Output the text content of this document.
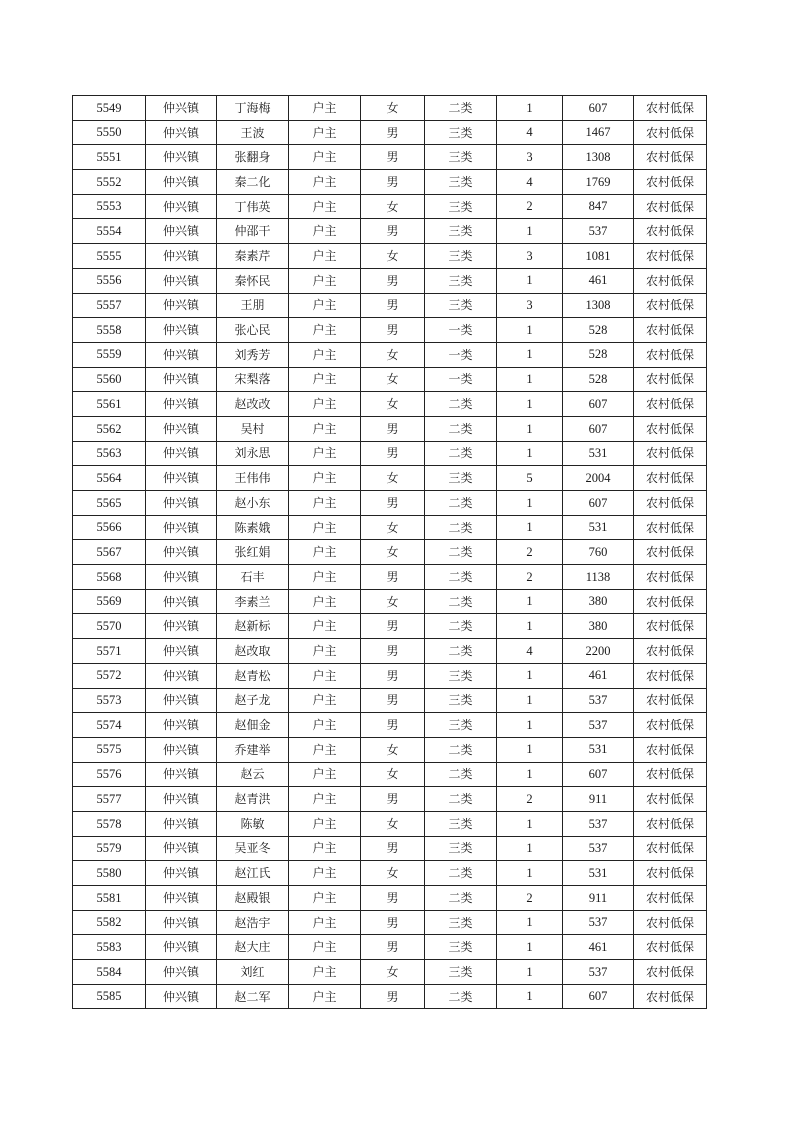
5549	仲兴镇	丁海梅	户主	女	二类	1	607	农村低保
5550	仲兴镇	王波	户主	男	三类	4	1467	农村低保
5551	仲兴镇	张翻身	户主	男	三类	3	1308	农村低保
5552	仲兴镇	秦二化	户主	男	三类	4	1769	农村低保
5553	仲兴镇	丁伟英	户主	女	三类	2	847	农村低保
5554	仲兴镇	仲邵干	户主	男	三类	1	537	农村低保
5555	仲兴镇	秦素芹	户主	女	三类	3	1081	农村低保
5556	仲兴镇	秦怀民	户主	男	三类	1	461	农村低保
5557	仲兴镇	王朋	户主	男	三类	3	1308	农村低保
5558	仲兴镇	张心民	户主	男	一类	1	528	农村低保
5559	仲兴镇	刘秀芳	户主	女	一类	1	528	农村低保
5560	仲兴镇	宋梨落	户主	女	一类	1	528	农村低保
5561	仲兴镇	赵改改	户主	女	二类	1	607	农村低保
5562	仲兴镇	吴村	户主	男	二类	1	607	农村低保
5563	仲兴镇	刘永思	户主	男	二类	1	531	农村低保
5564	仲兴镇	王伟伟	户主	女	三类	5	2004	农村低保
5565	仲兴镇	赵小东	户主	男	二类	1	607	农村低保
5566	仲兴镇	陈素娥	户主	女	二类	1	531	农村低保
5567	仲兴镇	张红娟	户主	女	二类	2	760	农村低保
5568	仲兴镇	石丰	户主	男	二类	2	1138	农村低保
5569	仲兴镇	李素兰	户主	女	二类	1	380	农村低保
5570	仲兴镇	赵新标	户主	男	二类	1	380	农村低保
5571	仲兴镇	赵改取	户主	男	二类	4	2200	农村低保
5572	仲兴镇	赵青松	户主	男	三类	1	461	农村低保
5573	仲兴镇	赵子龙	户主	男	三类	1	537	农村低保
5574	仲兴镇	赵佃金	户主	男	三类	1	537	农村低保
5575	仲兴镇	乔建举	户主	女	二类	1	531	农村低保
5576	仲兴镇	赵云	户主	女	二类	1	607	农村低保
5577	仲兴镇	赵青洪	户主	男	二类	2	911	农村低保
5578	仲兴镇	陈敏	户主	女	三类	1	537	农村低保
5579	仲兴镇	吴亚冬	户主	男	三类	1	537	农村低保
5580	仲兴镇	赵江氏	户主	女	二类	1	531	农村低保
5581	仲兴镇	赵殿银	户主	男	二类	2	911	农村低保
5582	仲兴镇	赵浩宇	户主	男	三类	1	537	农村低保
5583	仲兴镇	赵大庄	户主	男	三类	1	461	农村低保
5584	仲兴镇	刘红	户主	女	三类	1	537	农村低保
5585	仲兴镇	赵二军	户主	男	二类	1	607	农村低保
